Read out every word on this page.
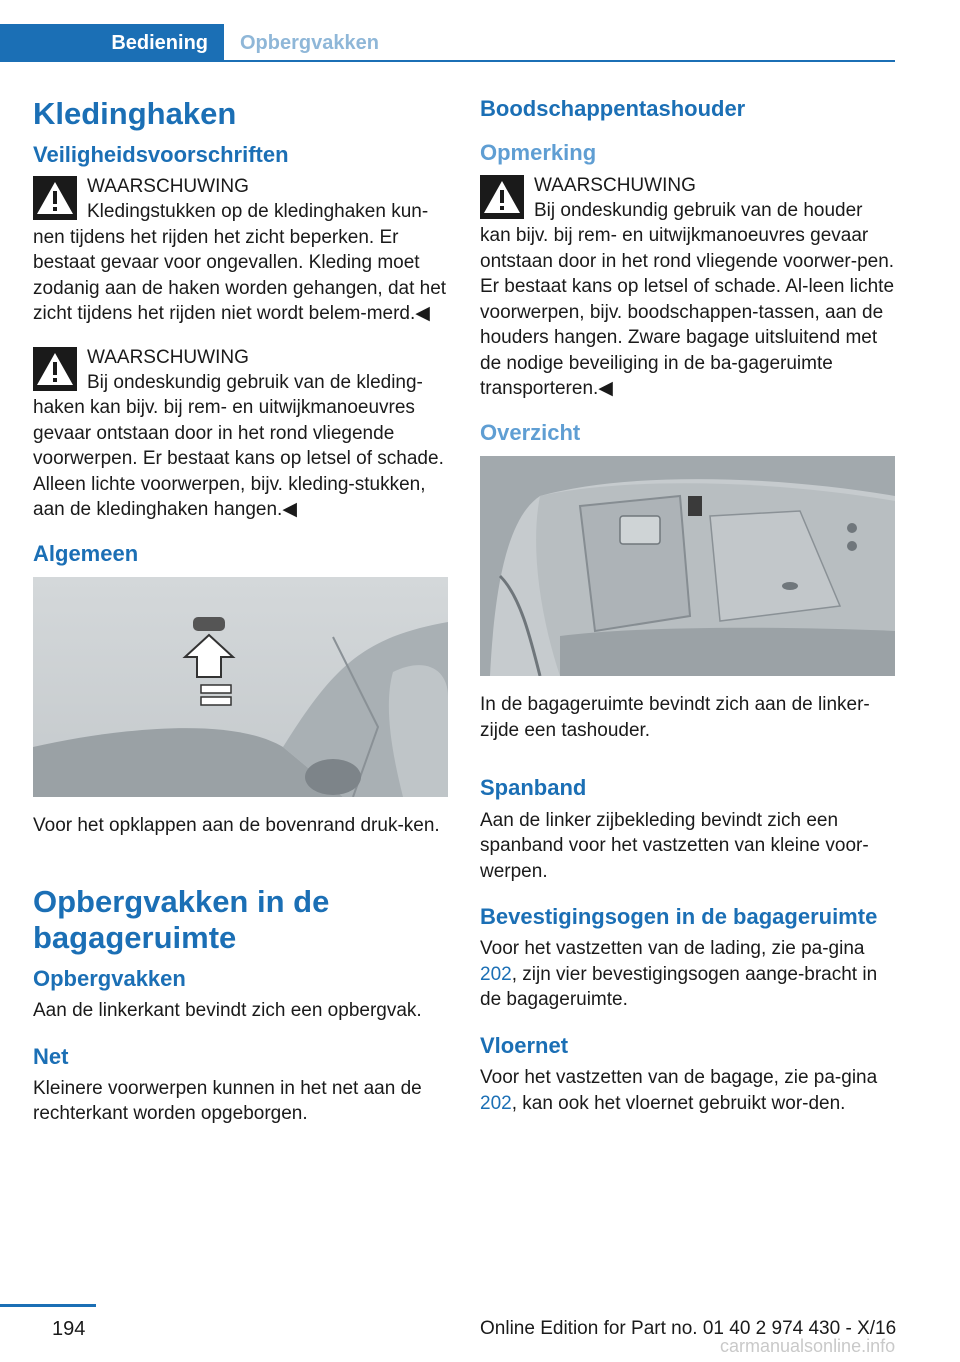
Bediening	Opbergvakken
Kledinghaken
Veiligheidsvoorschriften
WAARSCHUWING

Kledingstukken op de kledinghaken kun-nen tijdens het rijden het zicht beperken. Er bestaat gevaar voor ongevallen. Kleding moet zodanig aan de haken worden gehangen, dat het zicht tijdens het rijden niet wordt belem-merd.◀

WAARSCHUWING

Bij ondeskundig gebruik van de kleding-haken kan bijv. bij rem- en uitwijkmanoeuvres gevaar ontstaan door in het rond vliegende voorwerpen. Er bestaat kans op letsel of schade. Alleen lichte voorwerpen, bijv. kleding-stukken, aan de kledinghaken hangen.◀

Algemeen

Voor het opklappen aan de bovenrand druk-ken.

Opbergvakken in de bagageruimte
Opbergvakken

Aan de linkerkant bevindt zich een opbergvak.

Net

Kleinere voorwerpen kunnen in het net aan de rechterkant worden opgeborgen.

Boodschappentashouder
Opmerking
WAARSCHUWING

Bij ondeskundig gebruik van de houder kan bijv. bij rem- en uitwijkmanoeuvres gevaar ontstaan door in het rond vliegende voorwer-pen. Er bestaat kans op letsel of schade. Al-leen lichte voorwerpen, bijv. boodschappen-tassen, aan de houders hangen. Zware bagage uitsluitend met de nodige beveiliging in de ba-gageruimte transporteren.◀

Overzicht

In de bagageruimte bevindt zich aan de linker-zijde een tashouder.

Spanband

Aan de linker zijbekleding bevindt zich een spanband voor het vastzetten van kleine voor-werpen.

Bevestigingsogen in de bagageruimte

Voor het vastzetten van de lading, zie pa-gina 202, zijn vier bevestigingsogen aange-bracht in de bagageruimte.

Vloernet

Voor het vastzetten van de bagage, zie pa-gina 202, kan ook het vloernet gebruikt wor-den.

194	Online Edition for Part no. 01 40 2 974 430 - X/16
carmanualsonline.info
